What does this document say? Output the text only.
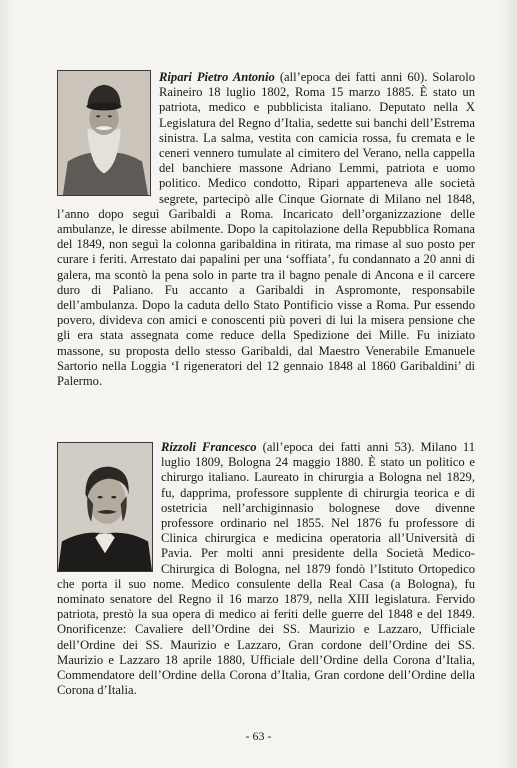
Ripari Pietro Antonio (all’epoca dei fatti anni 60). Solarolo Raineiro 18 luglio 1802, Roma 15 marzo 1885. È stato un patriota, medico e pubblicista italiano. Deputato nella X Legislatura del Regno d’Italia, sedette sui banchi dell’Estrema sinistra. La salma, vestita con camicia rossa, fu cremata e le ceneri vennero tumulate al cimitero del Verano, nella cappella del banchiere massone Adriano Lemmi, patriota e uomo politico. Medico condotto, Ripari apparteneva alle società segrete, partecipò alle Cinque Giornate di Milano nel 1848, l’anno dopo seguì Garibaldi a Roma. Incaricato dell’organizzazione delle ambulanze, le diresse abilmente. Dopo la capitolazione della Repubblica Romana del 1849, non seguì la colonna garibaldina in ritirata, ma rimase al suo posto per curare i feriti. Arrestato dai papalini per una ‘soffiata’, fu condannato a 20 anni di galera, ma scontò la pena solo in parte tra il bagno penale di Ancona e il carcere duro di Paliano. Fu accanto a Garibaldi in Aspromonte, responsabile dell’ambulanza. Dopo la caduta dello Stato Pontificio visse a Roma. Pur essendo povero, divideva con amici e conoscenti più poveri di lui la misera pensione che gli era stata assegnata come reduce della Spedizione dei Mille. Fu iniziato massone, su proposta dello stesso Garibaldi, dal Maestro Venerabile Emanuele Sartorio nella Loggia ‘I rigeneratori del 12 gennaio 1848 al 1860 Garibaldini’ di Palermo.
Rizzoli Francesco (all’epoca dei fatti anni 53). Milano 11 luglio 1809, Bologna 24 maggio 1880. È stato un politico e chirurgo italiano. Laureato in chirurgia a Bologna nel 1829, fu, dapprima, professore supplente di chirurgia teorica e di ostetricia nell’archiginnasio bolognese dove divenne professore ordinario nel 1855. Nel 1876 fu professore di Clinica chirurgica e medicina operatoria all’Università di Pavia. Per molti anni presidente della Società Medico-Chirurgica di Bologna, nel 1879 fondò l’Istituto Ortopedico che porta il suo nome. Medico consulente della Real Casa (a Bologna), fu nominato senatore del Regno il 16 marzo 1879, nella XIII legislatura. Fervido patriota, prestò la sua opera di medico ai feriti delle guerre del 1848 e del 1849. Onorificenze: Cavaliere dell’Ordine dei SS. Maurizio e Lazzaro, Ufficiale dell’Ordine dei SS. Maurizio e Lazzaro, Gran cordone dell’Ordine dei SS. Maurizio e Lazzaro 18 aprile 1880, Ufficiale dell’Ordine della Corona d’Italia, Commendatore dell’Ordine della Corona d’Italia, Gran cordone dell’Ordine della Corona d’Italia.
- 63 -
